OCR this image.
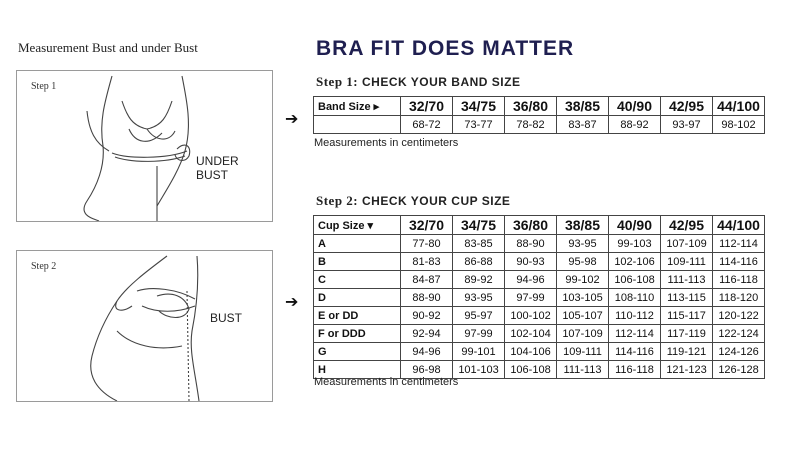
Measurement Bust and under Bust
Step 1
UNDER BUST
Step 2
BUST
➔
➔
BRA FIT DOES MATTER
Step 1: CHECK YOUR BAND SIZE
Band Size ▸	32/70	34/75	36/80	38/85	40/90	42/95	44/100
	68-72	73-77	78-82	83-87	88-92	93-97	98-102
Measurements in centimeters
Step 2: CHECK YOUR CUP SIZE
Cup Size ▾	32/70	34/75	36/80	38/85	40/90	42/95	44/100
A	77-80	83-85	88-90	93-95	99-103	107-109	112-114
B	81-83	86-88	90-93	95-98	102-106	109-111	114-116
C	84-87	89-92	94-96	99-102	106-108	111-113	116-118
D	88-90	93-95	97-99	103-105	108-110	113-115	118-120
E or DD	90-92	95-97	100-102	105-107	110-112	115-117	120-122
F or DDD	92-94	97-99	102-104	107-109	112-114	117-119	122-124
G	94-96	99-101	104-106	109-111	114-116	119-121	124-126
H	96-98	101-103	106-108	111-113	116-118	121-123	126-128
Measurements in centimeters
